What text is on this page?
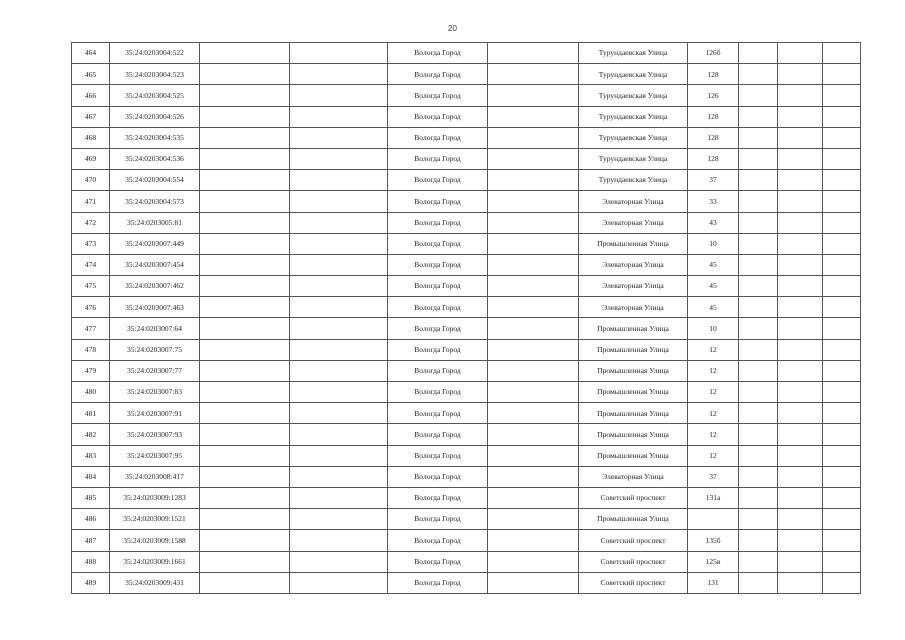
20
464	35:24:0203004:522			Вологда Город		Турундаевская Улица	126б			
465	35:24:0203004:523			Вологда Город		Турундаевская Улица	128			
466	35:24:0203004:525			Вологда Город		Турундаевская Улица	126			
467	35:24:0203004:526			Вологда Город		Турундаевская Улица	128			
468	35:24:0203004:535			Вологда Город		Турундаевская Улица	128			
469	35:24:0203004:536			Вологда Город		Турундаевская Улица	128			
470	35:24:0203004:554			Вологда Город		Турундаевская Улица	37			
471	35:24:0203004:573			Вологда Город		Элеваторная Улица	33			
472	35:24:0203005:81			Вологда Город		Элеваторная Улица	43			
473	35:24:0203007:449			Вологда Город		Промышленная Улица	10			
474	35:24:0203007:454			Вологда Город		Элеваторная Улица	45			
475	35:24:0203007:462			Вологда Город		Элеваторная Улица	45			
476	35:24:0203007:463			Вологда Город		Элеваторная Улица	45			
477	35:24:0203007:64			Вологда Город		Промышленная Улица	10			
478	35:24:0203007:75			Вологда Город		Промышленная Улица	12			
479	35:24:0203007:77			Вологда Город		Промышленная Улица	12			
480	35:24:0203007:83			Вологда Город		Промышленная Улица	12			
481	35:24:0203007:91			Вологда Город		Промышленная Улица	12			
482	35:24:0203007:93			Вологда Город		Промышленная Улица	12			
483	35:24:0203007:95			Вологда Город		Промышленная Улица	12			
484	35:24:0203008:417			Вологда Город		Элеваторная Улица	37			
485	35:24:0203009:1283			Вологда Город		Советский проспект	131а			
486	35:24:0203009:1521			Вологда Город		Промышленная Улица				
487	35:24:0203009:1588			Вологда Город		Советский проспект	135б			
488	35:24:0203009:1661			Вологда Город		Советский проспект	125в			
489	35:24:0203009:431			Вологда Город		Советский проспект	131			
